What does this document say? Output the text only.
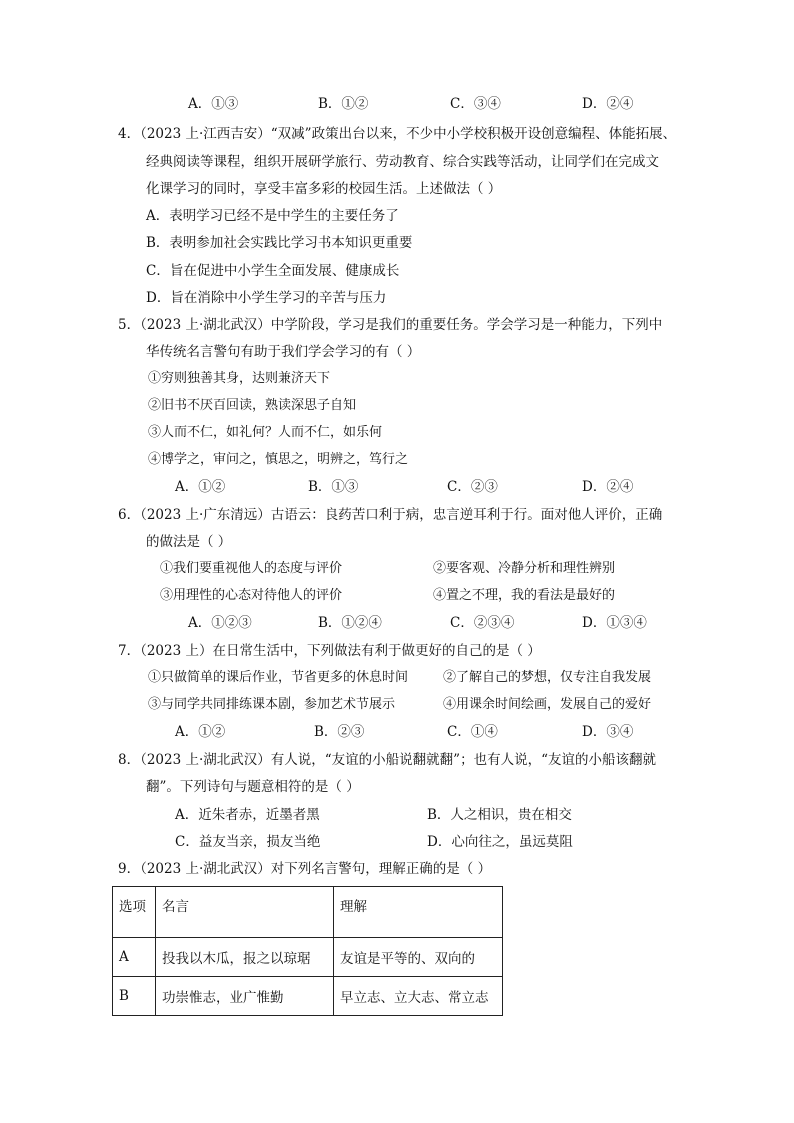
A．①③	B．①②	C．③④	D．②④
4．（2023 上·江西吉安）“双减”政策出台以来，不少中小学校积极开设创意编程、体能拓展、
经典阅读等课程，组织开展研学旅行、劳动教育、综合实践等活动，让同学们在完成文
化课学习的同时，享受丰富多彩的校园生活。上述做法（ ）
A．表明学习已经不是中学生的主要任务了
B．表明参加社会实践比学习书本知识更重要
C．旨在促进中小学生全面发展、健康成长
D．旨在消除中小学生学习的辛苦与压力
5．（2023 上·湖北武汉）中学阶段，学习是我们的重要任务。学会学习是一种能力，下列中
华传统名言警句有助于我们学会学习的有（ ）
①穷则独善其身，达则兼济天下
②旧书不厌百回读，熟读深思子自知
③人而不仁，如礼何？人而不仁，如乐何
④博学之，审问之，慎思之，明辨之，笃行之
A．①②	B．①③	C．②③	D．②④
6．（2023 上·广东清远）古语云：良药苦口利于病，忠言逆耳利于行。面对他人评价，正确
的做法是（ ）
①我们要重视他人的态度与评价	②要客观、冷静分析和理性辨别
③用理性的心态对待他人的评价	④置之不理，我的看法是最好的
A．①②③	B．①②④	C．②③④	D．①③④
7．（2023 上）在日常生活中，下列做法有利于做更好的自己的是（ ）
①只做简单的课后作业，节省更多的休息时间	②了解自己的梦想，仅专注自我发展
③与同学共同排练课本剧，参加艺术节展示	④用课余时间绘画，发展自己的爱好
A．①②	B．②③	C．①④	D．③④
8．（2023 上·湖北武汉）有人说，“友谊的小船说翻就翻”；也有人说，“友谊的小船该翻就
翻”。下列诗句与题意相符的是（ ）
A．近朱者赤，近墨者黑	B．人之相识，贵在相交
C．益友当亲，损友当绝	D．心向往之，虽远莫阻
9．（2023 上·湖北武汉）对下列名言警句，理解正确的是（ ）
选项	名言	理解
A	投我以木瓜，报之以琼琚	友谊是平等的、双向的
B	功崇惟志，业广惟勤	早立志、立大志、常立志
